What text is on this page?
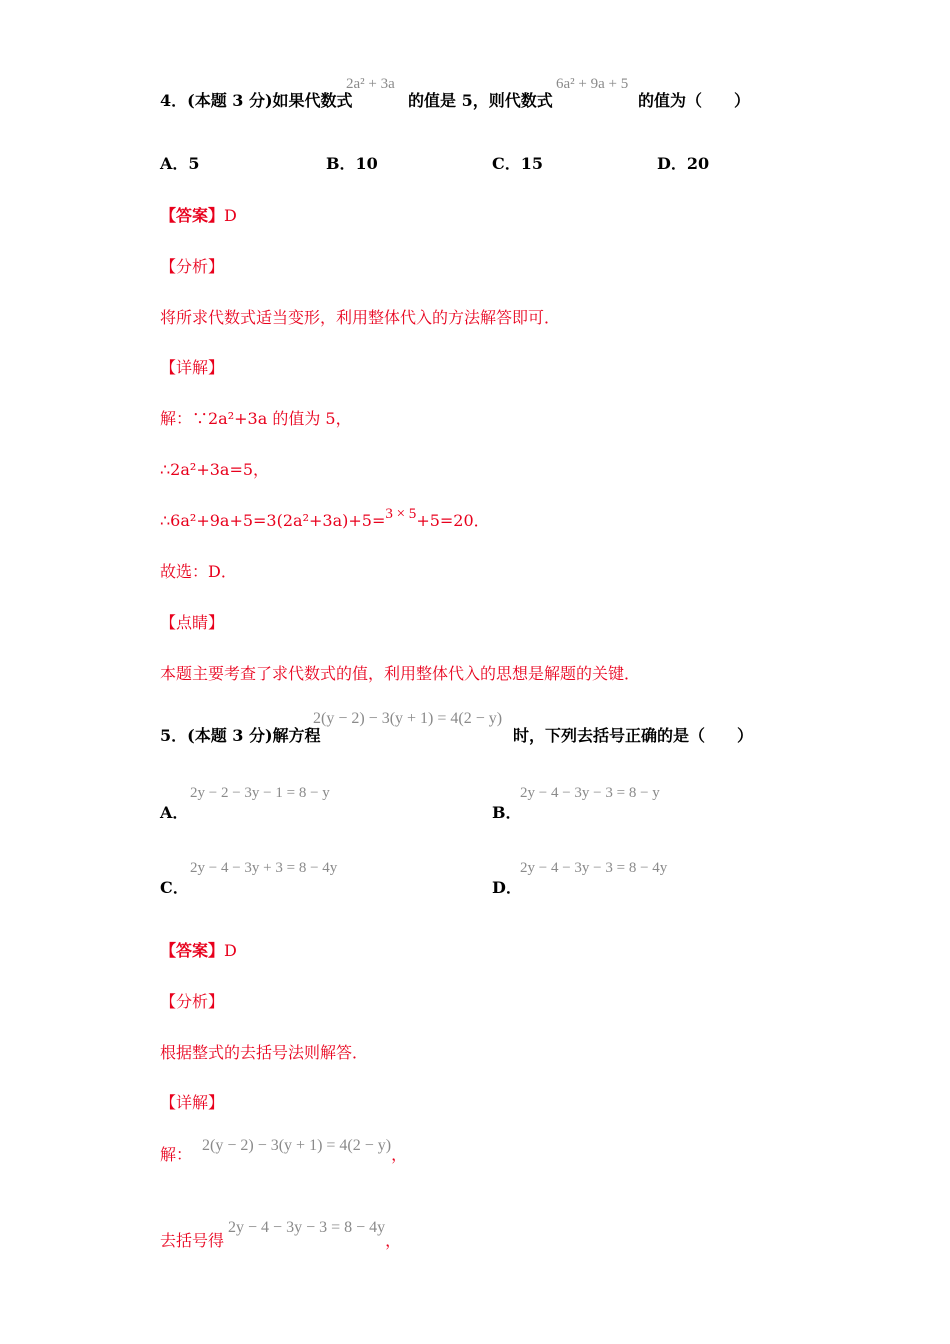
4．(本题 3 分)如果代数式
2a² + 3a
的值是 5，则代数式
6a² + 9a + 5
的值为（　　）
A．5	B．10	C．15	D．20
【答案】D
【分析】
将所求代数式适当变形，利用整体代入的方法解答即可．
【详解】
解：∵2a²+3a 的值为 5，
∴2a²+3a=5，
∴6a²+9a+5=3(2a²+3a)+5=3 × 5+5=20．
故选：D．
【点睛】
本题主要考查了求代数式的值，利用整体代入的思想是解题的关键．
5．(本题 3 分)解方程
2(y − 2) − 3(y + 1) = 4(2 − y)
时，下列去括号正确的是（　　）
A．
2y − 2 − 3y − 1 = 8 − y
B．
2y − 4 − 3y − 3 = 8 − y
C．
2y − 4 − 3y + 3 = 8 − 4y
D．
2y − 4 − 3y − 3 = 8 − 4y
【答案】D
【分析】
根据整式的去括号法则解答．
【详解】
解： 2(y − 2) − 3(y + 1) = 4(2 − y)，
去括号得2y − 4 − 3y − 3 = 8 − 4y，
